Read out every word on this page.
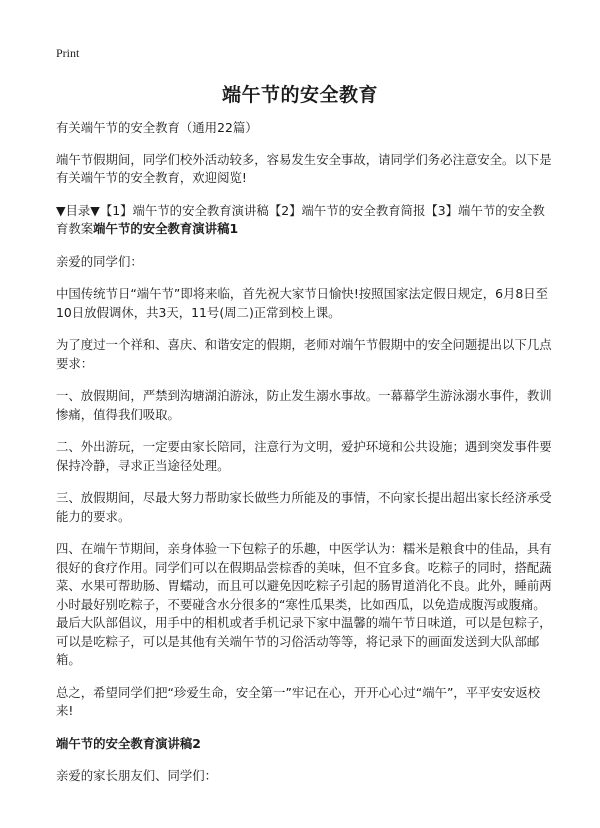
Print
端午节的安全教育

有关端午节的安全教育（通用22篇）

端午节假期间，同学们校外活动较多，容易发生安全事故，请同学们务必注意安全。以下是有关端午节的安全教育，欢迎阅览!

▼目录▼【1】端午节的安全教育演讲稿【2】端午节的安全教育简报【3】端午节的安全教育教案端午节的安全教育演讲稿1

亲爱的同学们：

中国传统节日“端午节”即将来临，首先祝大家节日愉快!按照国家法定假日规定，6月8日至10日放假调休，共3天，11号(周二)正常到校上课。

为了度过一个祥和、喜庆、和谐安定的假期，老师对端午节假期中的安全问题提出以下几点要求：

一、放假期间，严禁到沟塘湖泊游泳，防止发生溺水事故。一幕幕学生游泳溺水事件，教训惨痛，值得我们吸取。

二、外出游玩，一定要由家长陪同，注意行为文明，爱护环境和公共设施；遇到突发事件要保持冷静，寻求正当途径处理。

三、放假期间，尽最大努力帮助家长做些力所能及的事情，不向家长提出超出家长经济承受能力的要求。

四、在端午节期间，亲身体验一下包粽子的乐趣，中医学认为：糯米是粮食中的佳品，具有很好的食疗作用。同学们可以在假期品尝棕香的美味，但不宜多食。吃粽子的同时，搭配蔬菜、水果可帮助肠、胃蠕动，而且可以避免因吃粽子引起的肠胃道消化不良。此外，睡前两小时最好别吃粽子，不要碰含水分很多的“寒性瓜果类，比如西瓜，以免造成腹泻或腹痛。最后大队部倡议，用手中的相机或者手机记录下家中温馨的端午节日味道，可以是包粽子，可以是吃粽子，可以是其他有关端午节的习俗活动等等，将记录下的画面发送到大队部邮箱。

总之，希望同学们把“珍爱生命，安全第一”牢记在心，开开心心过“端午”，平平安安返校来!

端午节的安全教育演讲稿2

亲爱的家长朋友们、同学们：
